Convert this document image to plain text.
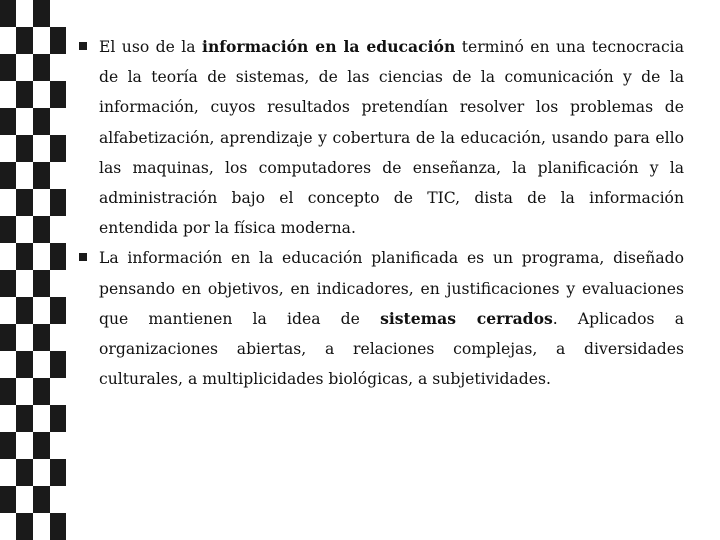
El uso de la información en la educación terminó en una tecnocracia de la teoría de sistemas, de las ciencias de la comunicación y de la información, cuyos resultados pretendían resolver los problemas de alfabetización, aprendizaje y cobertura de la educación, usando para ello las maquinas, los computadores de enseñanza, la planificación y la administración bajo el concepto de TIC, dista de la información entendida por la física moderna.

La información en la educación planificada es un programa, diseñado pensando en objetivos, en indicadores, en justificaciones y evaluaciones que mantienen la idea de sistemas cerrados. Aplicados a organizaciones abiertas, a relaciones complejas, a diversidades culturales, a multiplicidades biológicas, a subjetividades.
